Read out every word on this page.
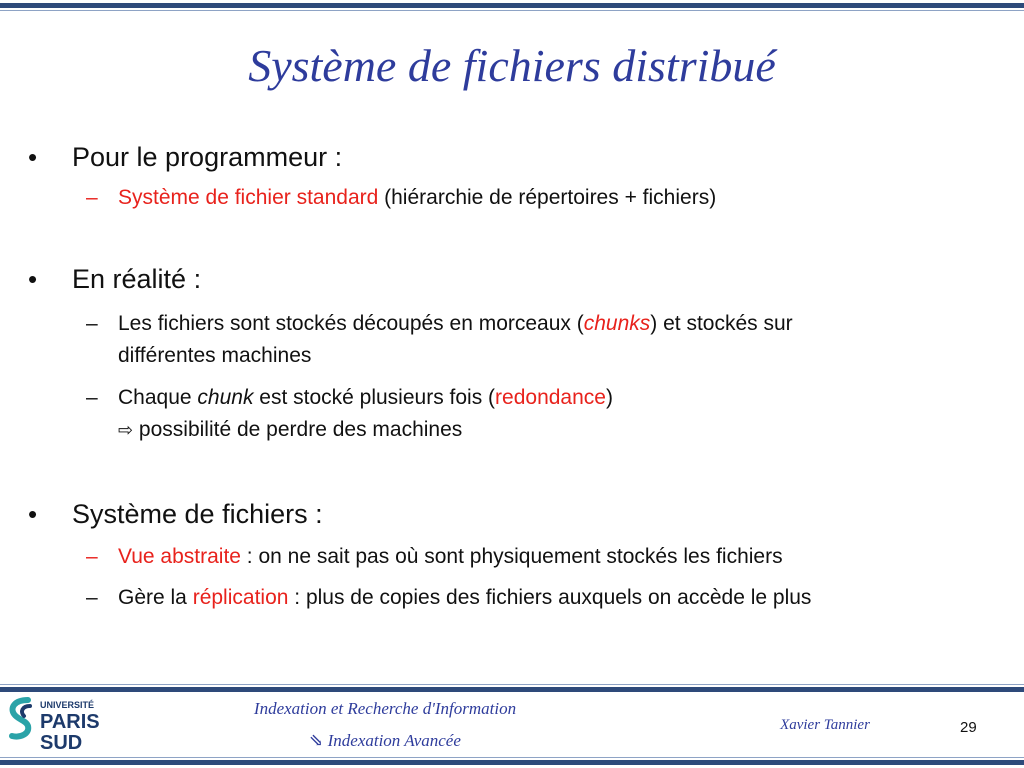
Système de fichiers distribué
• Pour le programmeur :
– Système de fichier standard (hiérarchie de répertoires + fichiers)
• En réalité :
– Les fichiers sont stockés découpés en morceaux (chunks) et stockés sur
différentes machines
– Chaque chunk est stocké plusieurs fois (redondance)
⇨ possibilité de perdre des machines
• Système de fichiers :
– Vue abstraite : on ne sait pas où sont physiquement stockés les fichiers
– Gère la réplication : plus de copies des fichiers auxquels on accède le plus
UNIVERSITÉ
PARIS
SUD
Indexation et Recherche d'Information
⇘ Indexation Avancée
Xavier Tannier	29
